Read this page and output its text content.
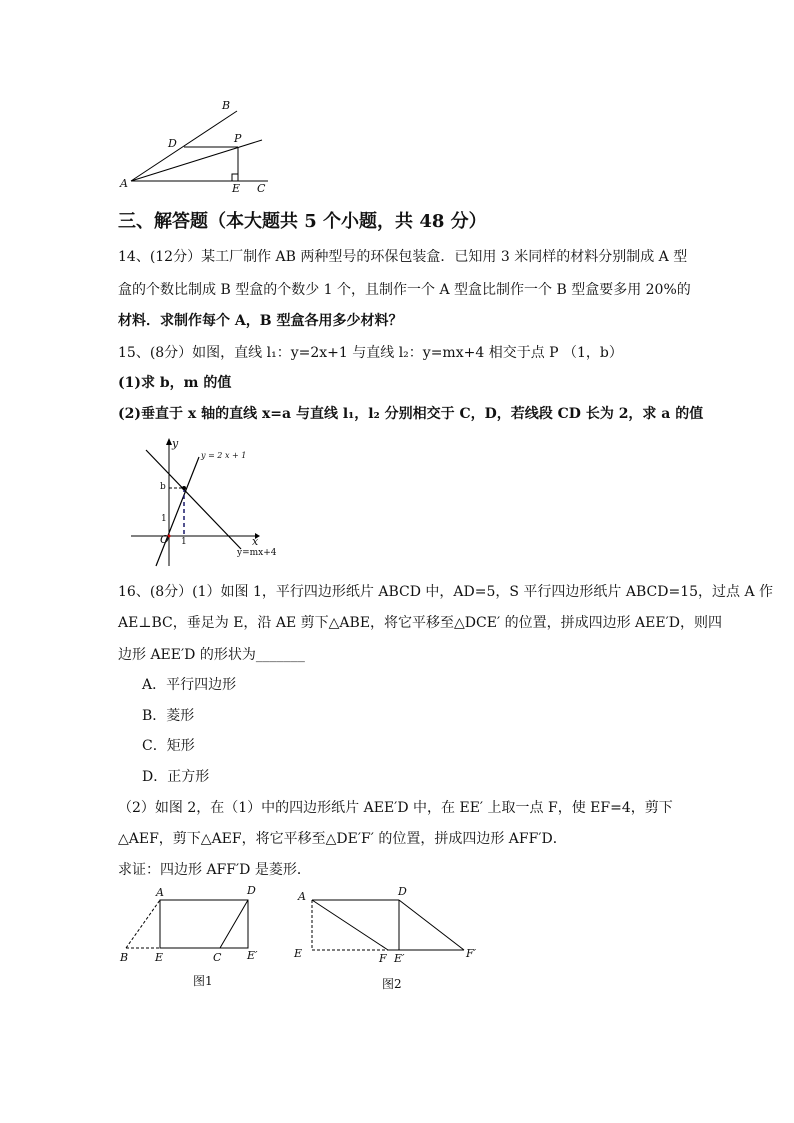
B
D	P
A	E C
三、解答题（本大题共 5 个小题，共 48 分）
14、(12分）某工厂制作 AB 两种型号的环保包装盒．已知用 3 米同样的材料分别制成 A 型
盒的个数比制成 B 型盒的个数少 1 个，且制作一个 A 型盒比制作一个 B 型盒要多用 20%的
材料．求制作每个 A，B 型盒各用多少材料？
15、(8分）如图，直线 l₁：y=2x+1 与直线 l₂：y=mx+4 相交于点 P （1，b）
(1)求 b，m 的值
(2)垂直于 x 轴的直线 x=a 与直线 l₁，l₂ 分别相交于 C，D，若线段 CD 长为 2，求 a 的值
y
x
y = 2 x + 1
y=mx+4
b
1
1
O
16、(8分）(1）如图 1，平行四边形纸片 ABCD 中，AD=5，S 平行四边形纸片 ABCD=15，过点 A 作
AE⊥BC，垂足为 E，沿 AE 剪下△ABE，将它平移至△DCE′ 的位置，拼成四边形 AEE′D，则四
边形 AEE′D 的形状为_______
A．平行四边形
B．菱形
C．矩形
D．正方形
（2）如图 2，在（1）中的四边形纸片 AEE′D 中，在 EE′ 上取一点 F，使 EF=4，剪下
△AEF，剪下△AEF，将它平移至△DE′F′ 的位置，拼成四边形 AFF′D．
求证：四边形 AFF′D 是菱形．
A	D
B E	C E′
图1
A	D
E	F E′	F′
图2
